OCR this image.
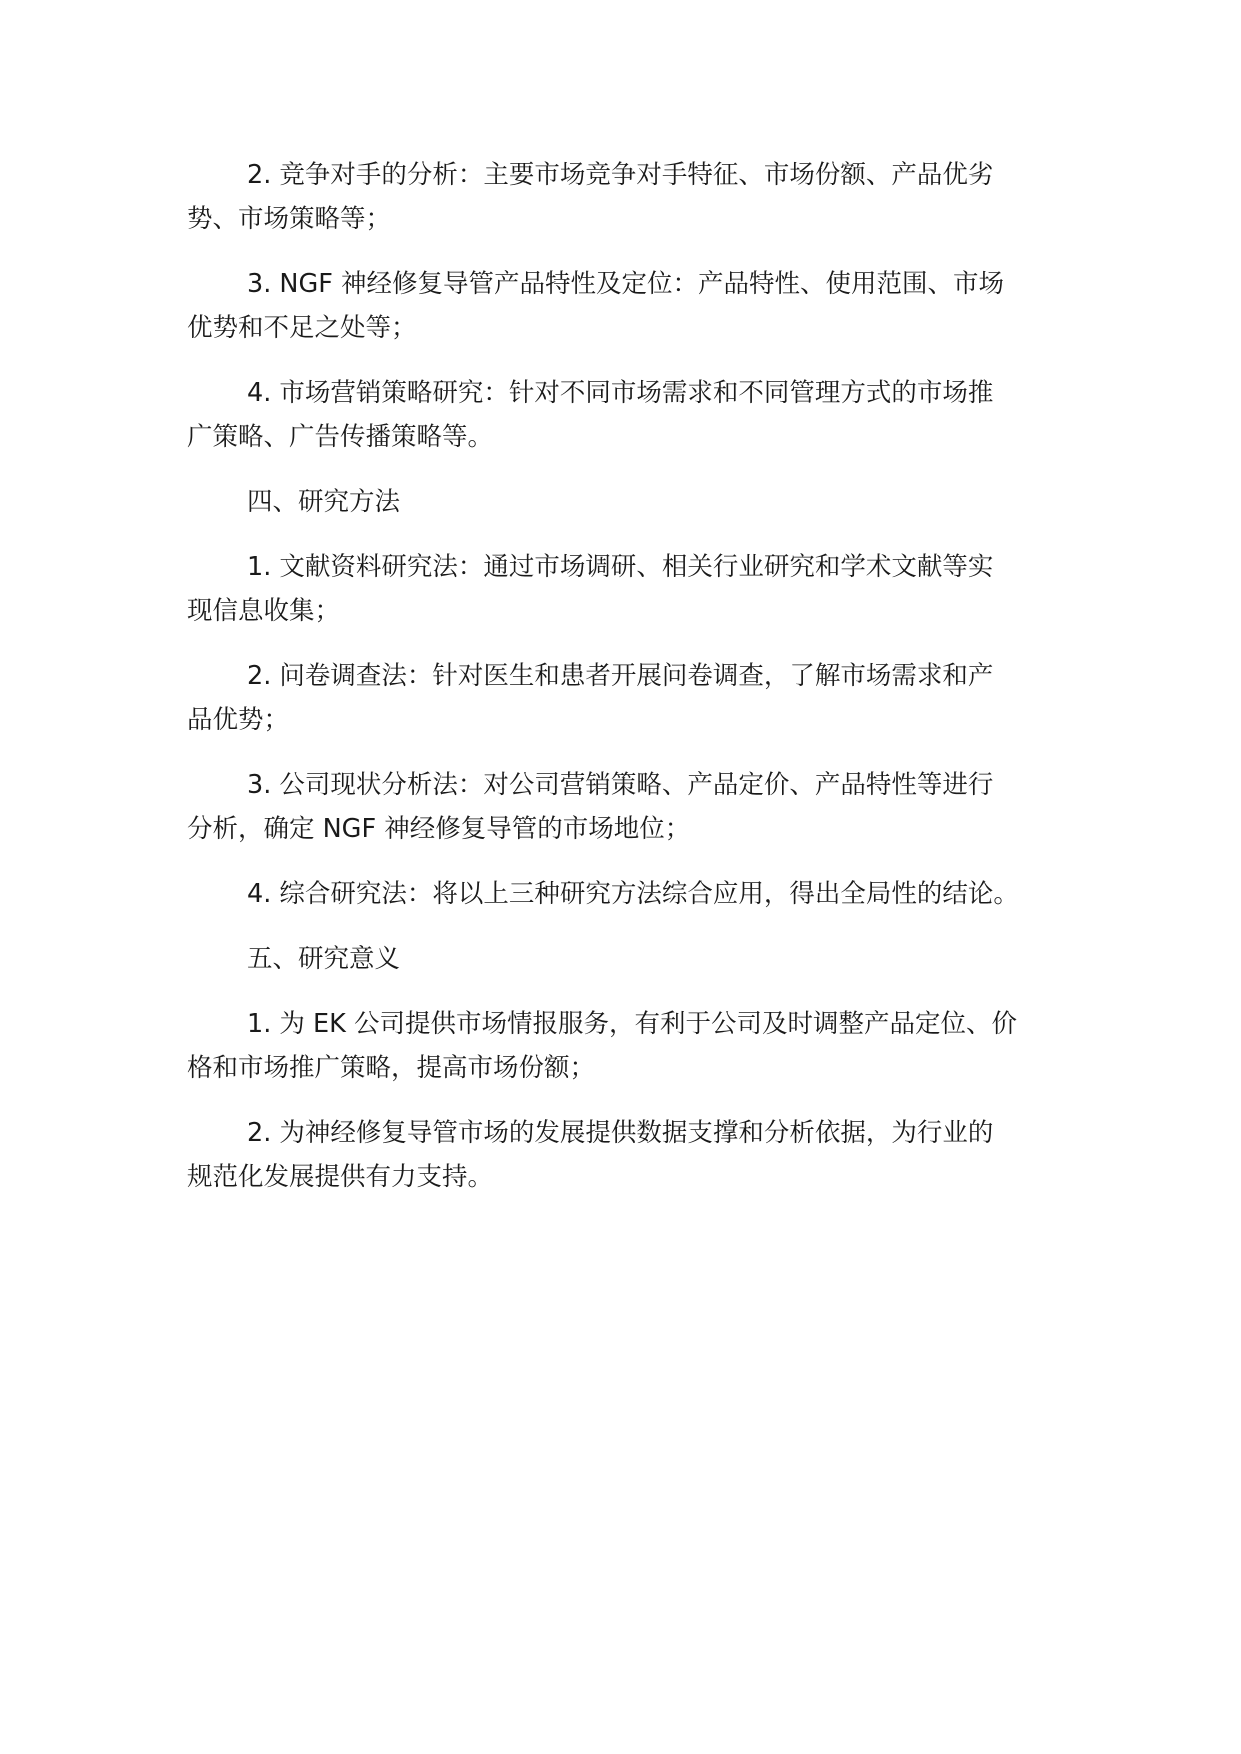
2. 竞争对手的分析：主要市场竞争对手特征、市场份额、产品优劣
势、市场策略等；

3. NGF 神经修复导管产品特性及定位：产品特性、使用范围、市场
优势和不足之处等；

4. 市场营销策略研究：针对不同市场需求和不同管理方式的市场推
广策略、广告传播策略等。

四、研究方法

1. 文献资料研究法：通过市场调研、相关行业研究和学术文献等实
现信息收集；

2. 问卷调查法：针对医生和患者开展问卷调查，了解市场需求和产
品优势；

3. 公司现状分析法：对公司营销策略、产品定价、产品特性等进行
分析，确定 NGF 神经修复导管的市场地位；

4. 综合研究法：将以上三种研究方法综合应用，得出全局性的结论。

五、研究意义

1. 为 EK 公司提供市场情报服务，有利于公司及时调整产品定位、价
格和市场推广策略，提高市场份额；

2. 为神经修复导管市场的发展提供数据支撑和分析依据，为行业的
规范化发展提供有力支持。
